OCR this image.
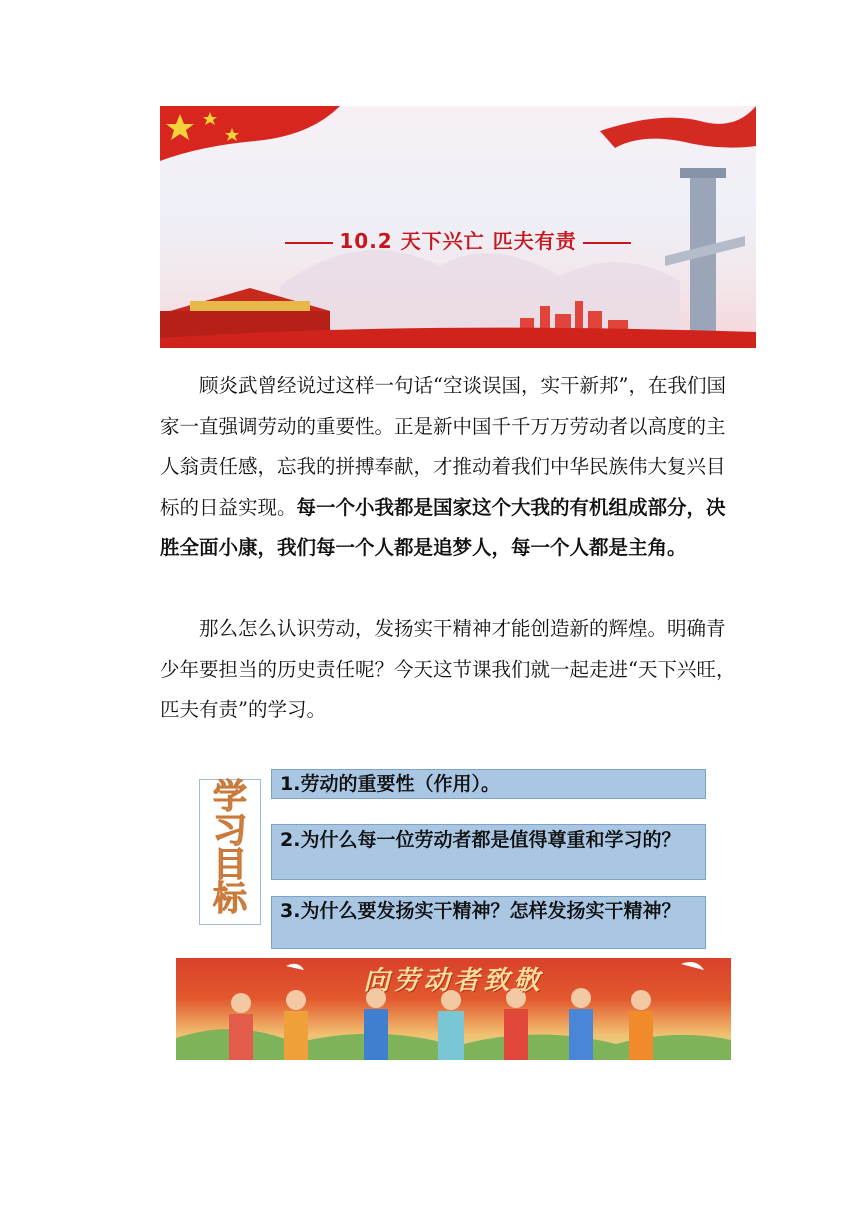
10.2 天下兴亡 匹夫有责

顾炎武曾经说过这样一句话“空谈误国，实干新邦”，在我们国家一直强调劳动的重要性。正是新中国千千万万劳动者以高度的主人翁责任感，忘我的拼搏奉献，才推动着我们中华民族伟大复兴目标的日益实现。每一个小我都是国家这个大我的有机组成部分，决胜全面小康，我们每一个人都是追梦人，每一个人都是主角。

那么怎么认识劳动，发扬实干精神才能创造新的辉煌。明确青少年要担当的历史责任呢？今天这节课我们就一起走进“天下兴旺，匹夫有责”的学习。

学
习
目
标
1.劳动的重要性（作用）。
2.为什么每一位劳动者都是值得尊重和学习的？
3.为什么要发扬实干精神？怎样发扬实干精神？
向劳动者致敬
